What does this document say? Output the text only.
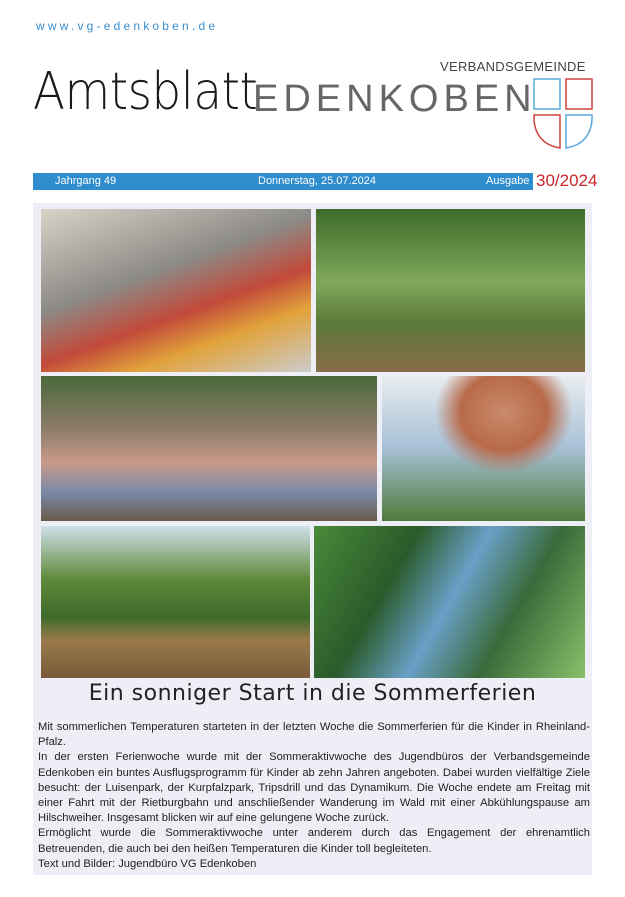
www.vg-edenkoben.de
Amtsblatt	VERBANDSGEMEINDE
EDENKOBEN
Jahrgang 49	Donnerstag, 25.07.2024	Ausgabe 30/2024
Ein sonniger Start in die Sommerferien

Mit sommerlichen Temperaturen starteten in der letzten Woche die Sommerferien für die Kinder in Rheinland-Pfalz.

In der ersten Ferienwoche wurde mit der Sommeraktivwoche des Jugendbüros der Verbandsgemeinde Edenkoben ein buntes Ausflugsprogramm für Kinder ab zehn Jahren angeboten. Dabei wurden vielfältige Ziele besucht: der Luisenpark, der Kurpfalzpark, Tripsdrill und das Dynamikum. Die Woche endete am Freitag mit einer Fahrt mit der Rietburgbahn und anschließender Wanderung im Wald mit einer Abkühlungspause am Hilschweiher. Insgesamt blicken wir auf eine gelungene Woche zurück.

Ermöglicht wurde die Sommeraktivwoche unter anderem durch das Engagement der ehrenamtlich Betreuenden, die auch bei den heißen Temperaturen die Kinder toll begleiteten.

Text und Bilder: Jugendbüro VG Edenkoben
